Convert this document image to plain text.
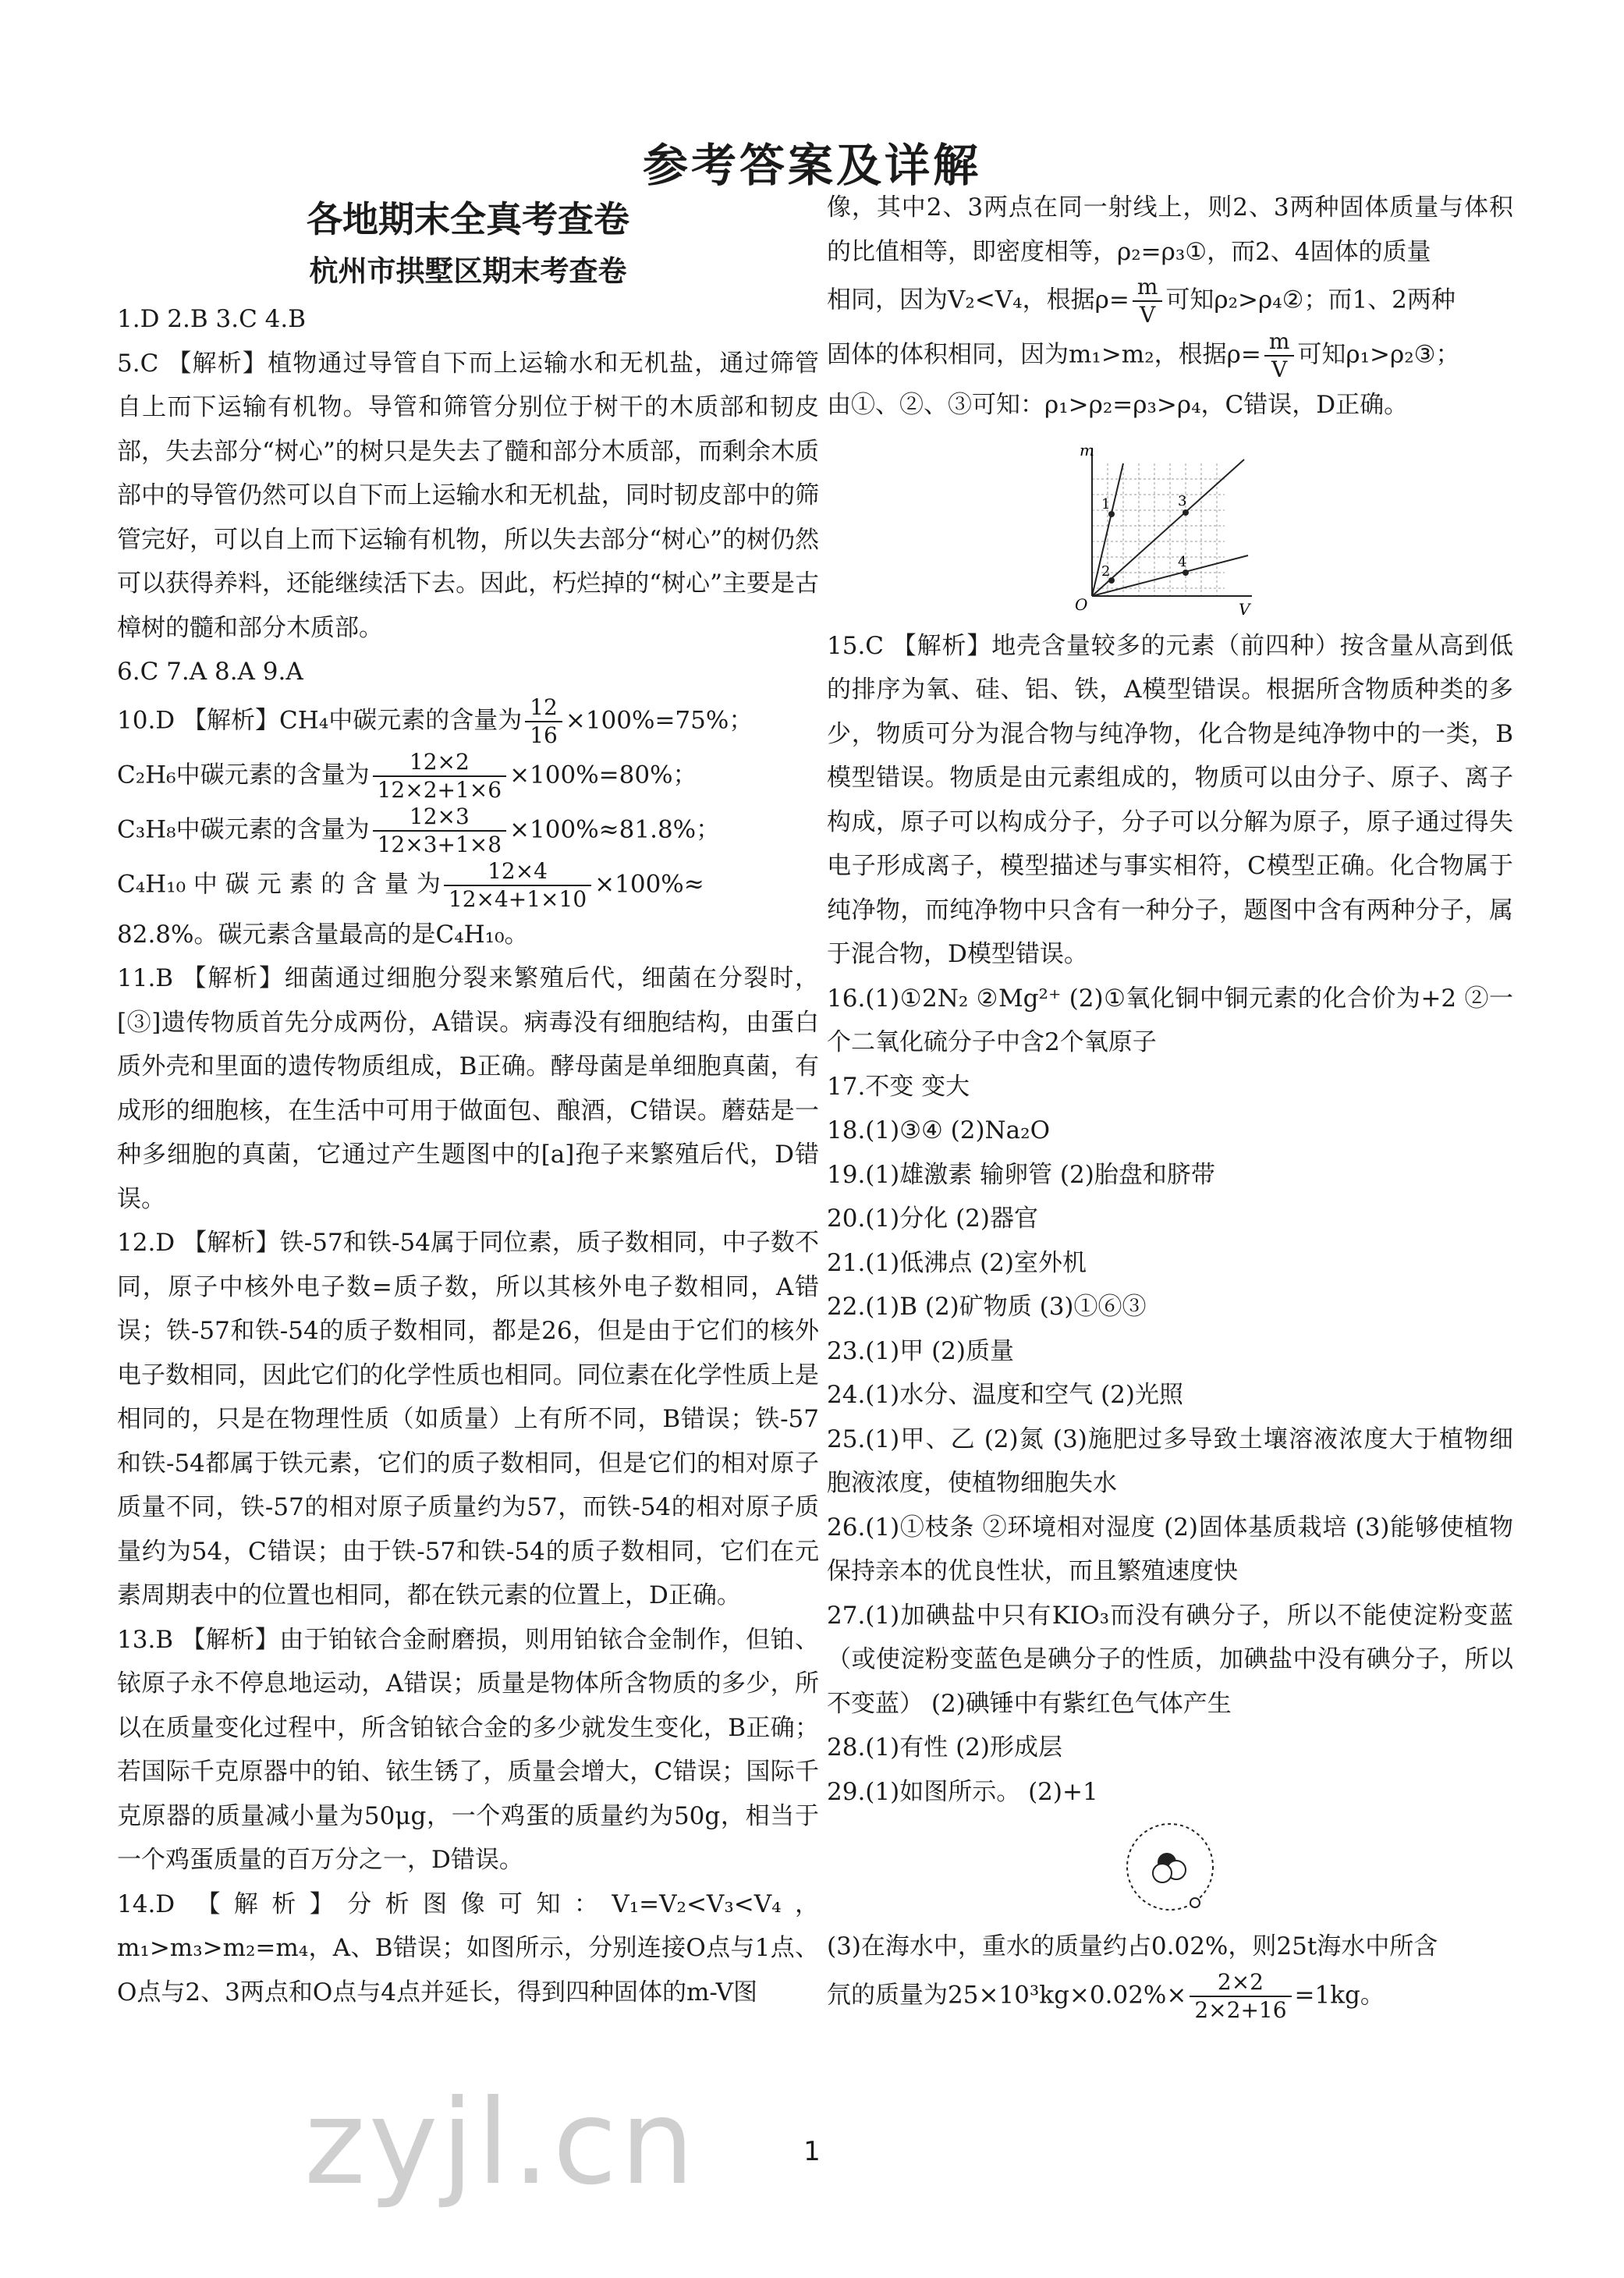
参考答案及详解
各地期末全真考查卷
杭州市拱墅区期末考查卷

1.D 2.B 3.C 4.B

5.C 【解析】植物通过导管自下而上运输水和无机盐，通过筛管自上而下运输有机物。导管和筛管分别位于树干的木质部和韧皮部，失去部分“树心”的树只是失去了髓和部分木质部，而剩余木质部中的导管仍然可以自下而上运输水和无机盐，同时韧皮部中的筛管完好，可以自上而下运输有机物，所以失去部分“树心”的树仍然可以获得养料，还能继续活下去。因此，朽烂掉的“树心”主要是古樟树的髓和部分木质部。

6.C 7.A 8.A 9.A

10.D 【解析】CH₄中碳元素的含量为 $\frac{12}{16} \times 100\%=75\%$；

C₂H₆中碳元素的含量为 $\frac{12\times 2}{12\times 2+1\times 6} \times 100\%=80\%$；

C₃H₈中碳元素的含量为 $\frac{12\times 3}{12\times 3+1\times 8} \times 100\%\approx 81.8\%$；

C₄H₁₀ 中 碳 元 素 的 含 量 为 $\frac{12\times 4}{12\times 4+1\times 10} \times 100\%\approx$

82.8%。碳元素含量最高的是C₄H₁₀。

11.B 【解析】细菌通过细胞分裂来繁殖后代，细菌在分裂时，[③]遗传物质首先分成两份，A错误。病毒没有细胞结构，由蛋白质外壳和里面的遗传物质组成，B正确。酵母菌是单细胞真菌，有成形的细胞核，在生活中可用于做面包、酿酒，C错误。蘑菇是一种多细胞的真菌，它通过产生题图中的[a]孢子来繁殖后代，D错误。

12.D 【解析】铁-57和铁-54属于同位素，质子数相同，中子数不同，原子中核外电子数=质子数，所以其核外电子数相同，A错误；铁-57和铁-54的质子数相同，都是26，但是由于它们的核外电子数相同，因此它们的化学性质也相同。同位素在化学性质上是相同的，只是在物理性质（如质量）上有所不同，B错误；铁-57和铁-54都属于铁元素，它们的质子数相同，但是它们的相对原子质量不同，铁-57的相对原子质量约为57，而铁-54的相对原子质量约为54，C错误；由于铁-57和铁-54的质子数相同，它们在元素周期表中的位置也相同，都在铁元素的位置上，D正确。

13.B 【解析】由于铂铱合金耐磨损，则用铂铱合金制作，但铂、铱原子永不停息地运动，A错误；质量是物体所含物质的多少，所以在质量变化过程中，所含铂铱合金的多少就发生变化，B正确；若国际千克原器中的铂、铱生锈了，质量会增大，C错误；国际千克原器的质量减小量为50μg，一个鸡蛋的质量约为50g，相当于一个鸡蛋质量的百万分之一，D错误。

14.D 【解析】分析图像可知：V₁=V₂<V₃<V₄，m₁>m₃>m₂=m₄，A、B错误；如图所示，分别连接O点与1点、O点与2、3两点和O点与4点并延长，得到四种固体的m-V图

像，其中2、3两点在同一射线上，则2、3两种固体质量与体积的比值相等，即密度相等，ρ₂=ρ₃①，而2、4固体的质量

相同，因为V₂<V₄，根据$\rho= \frac{m}{V}$ 可知ρ₂>ρ₄②；而1、2两种

固体的体积相同，因为m₁>m₂，根据$\rho= \frac{m}{V}$ 可知ρ₁>ρ₂③；

由①、②、③可知：ρ₁>ρ₂=ρ₃>ρ₄，C错误，D正确。

m
V
O
1
2
3
4

15.C 【解析】地壳含量较多的元素（前四种）按含量从高到低的排序为氧、硅、铝、铁，A模型错误。根据所含物质种类的多少，物质可分为混合物与纯净物，化合物是纯净物中的一类，B模型错误。物质是由元素组成的，物质可以由分子、原子、离子构成，原子可以构成分子，分子可以分解为原子，原子通过得失电子形成离子，模型描述与事实相符，C模型正确。化合物属于纯净物，而纯净物中只含有一种分子，题图中含有两种分子，属于混合物，D模型错误。

16.(1)①2N₂ ②Mg²⁺ (2)①氧化铜中铜元素的化合价为+2 ②一个二氧化硫分子中含2个氧原子

17.不变 变大

18.(1)③④ (2)Na₂O

19.(1)雄激素 输卵管 (2)胎盘和脐带

20.(1)分化 (2)器官

21.(1)低沸点 (2)室外机

22.(1)B (2)矿物质 (3)①⑥③

23.(1)甲 (2)质量

24.(1)水分、温度和空气 (2)光照

25.(1)甲、乙 (2)氮 (3)施肥过多导致土壤溶液浓度大于植物细胞液浓度，使植物细胞失水

26.(1)①枝条 ②环境相对湿度 (2)固体基质栽培 (3)能够使植物保持亲本的优良性状，而且繁殖速度快

27.(1)加碘盐中只有KIO₃而没有碘分子，所以不能使淀粉变蓝（或使淀粉变蓝色是碘分子的性质，加碘盐中没有碘分子，所以不变蓝） (2)碘锤中有紫红色气体产生

28.(1)有性 (2)形成层

29.(1)如图所示。 (2)+1

(3)在海水中，重水的质量约占0.02%，则25t海水中所含

氘的质量为$25\times 10^3kg\times 0.02\%\times \frac{2\times 2}{2\times 2+16} =1kg$。

zyjl.cn	1
